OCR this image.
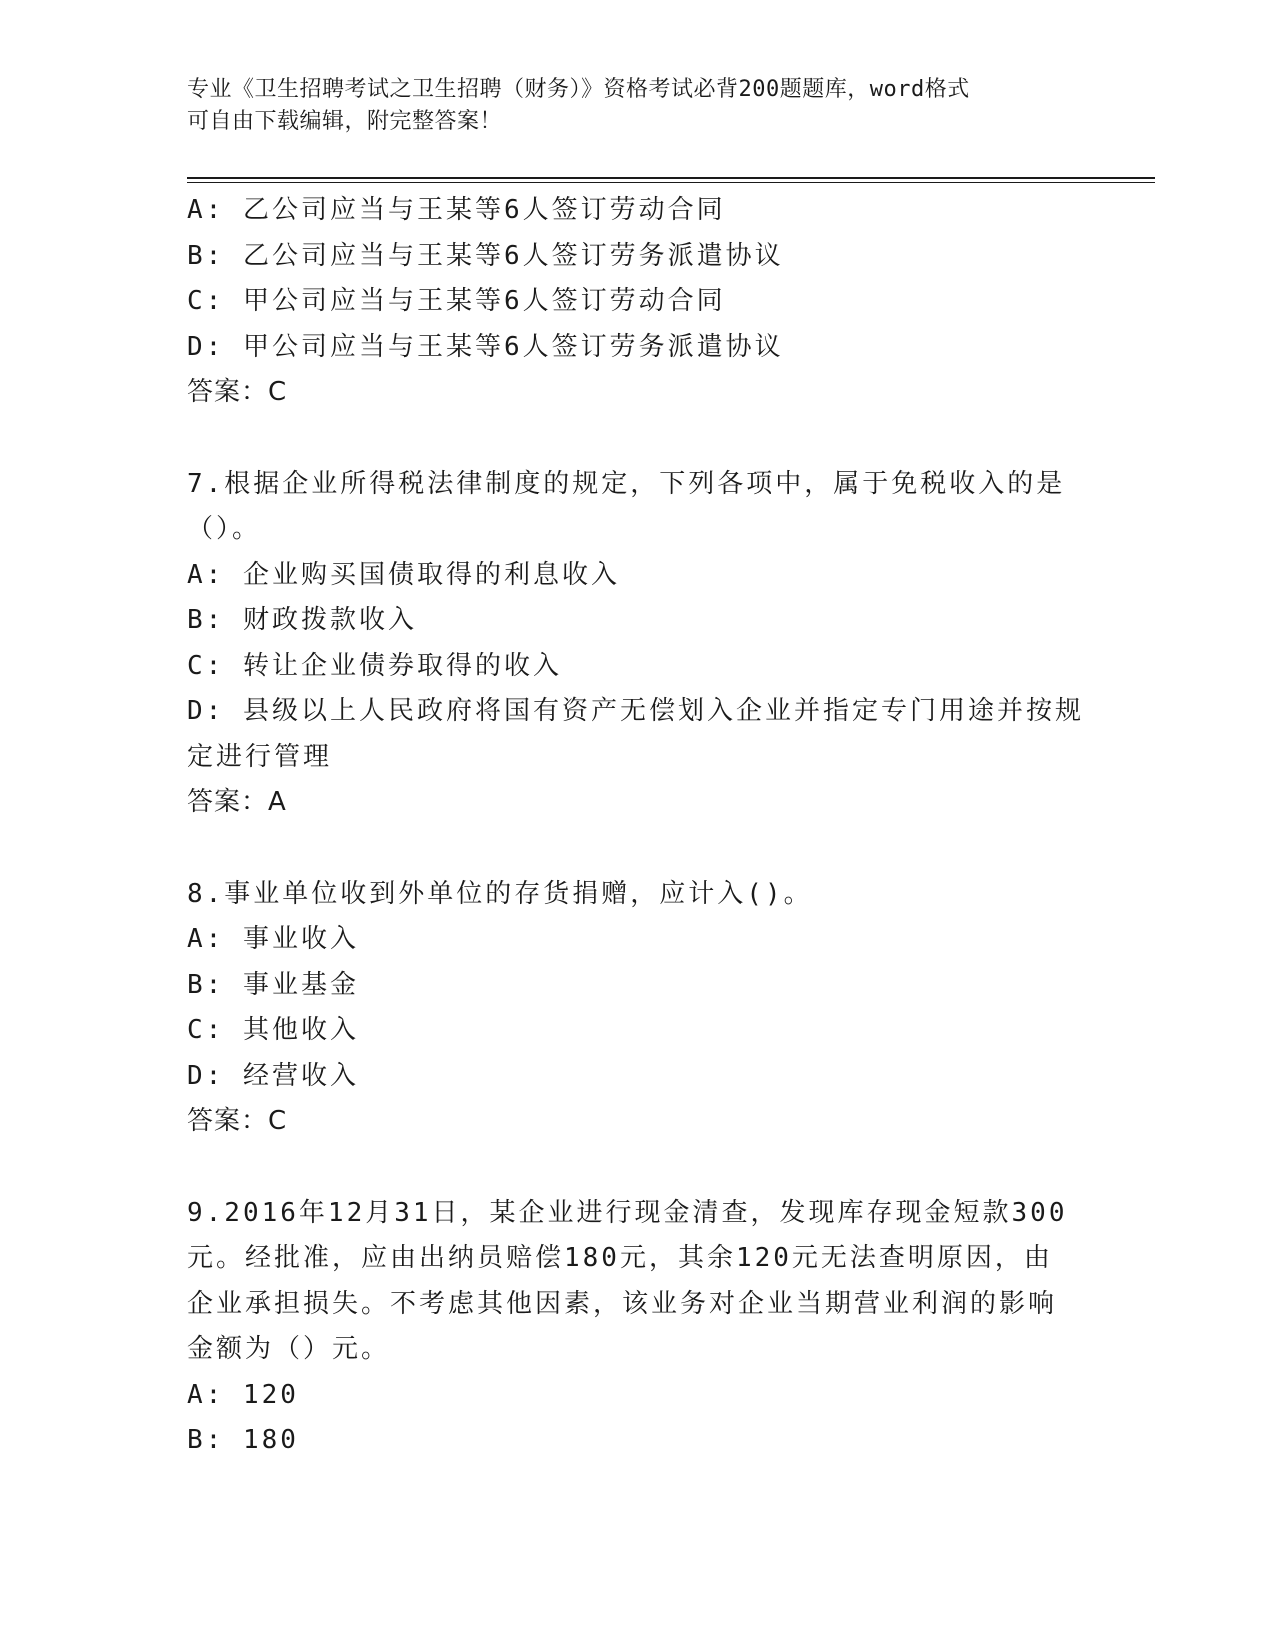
专业《卫生招聘考试之卫生招聘（财务）》资格考试必背200题题库，word格式

可自由下载编辑，附完整答案！

A: 乙公司应当与王某等6人签订劳动合同

B: 乙公司应当与王某等6人签订劳务派遣协议

C: 甲公司应当与王某等6人签订劳动合同

D: 甲公司应当与王某等6人签订劳务派遣协议

答案：C

7.根据企业所得税法律制度的规定，下列各项中，属于免税收入的是

（）。

A: 企业购买国债取得的利息收入

B: 财政拨款收入

C: 转让企业债券取得的收入

D: 县级以上人民政府将国有资产无偿划入企业并指定专门用途并按规

定进行管理

答案：A

8.事业单位收到外单位的存货捐赠，应计入()。

A: 事业收入

B: 事业基金

C: 其他收入

D: 经营收入

答案：C

9.2016年12月31日，某企业进行现金清查，发现库存现金短款300

元。经批准，应由出纳员赔偿180元，其余120元无法查明原因，由

企业承担损失。不考虑其他因素，该业务对企业当期营业利润的影响

金额为（）元。

A: 120

B: 180
